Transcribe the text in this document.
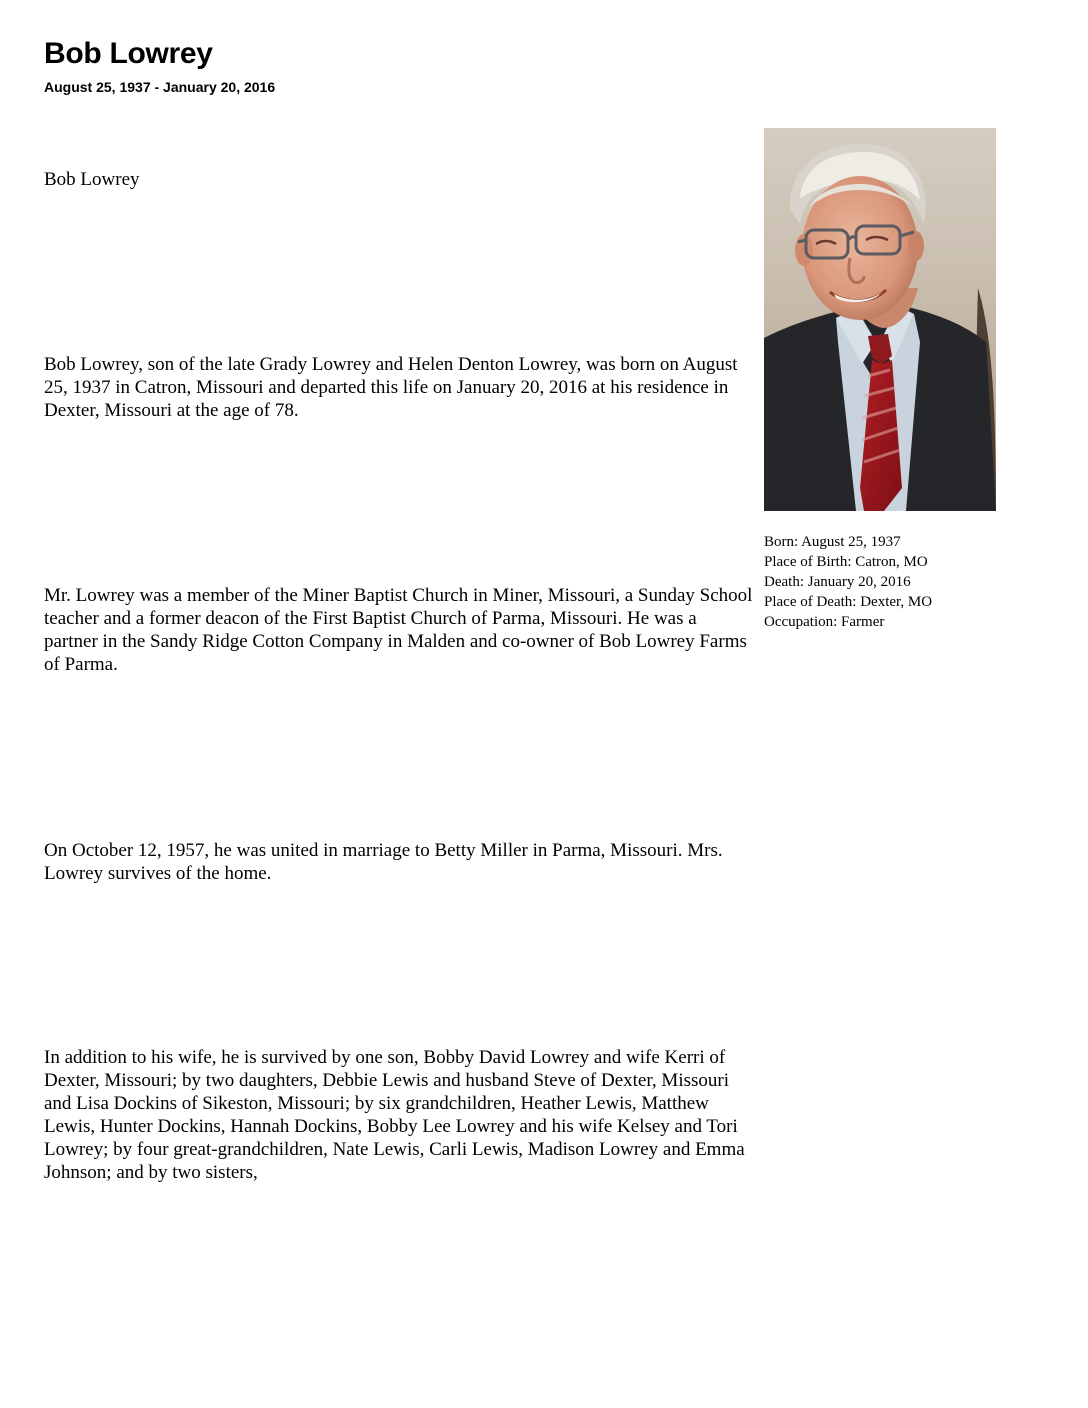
Bob Lowrey

August 25, 1937 - January 20, 2016

Bob Lowrey

Bob Lowrey, son of the late Grady Lowrey and Helen Denton Lowrey, was born on August 25, 1937 in Catron, Missouri and departed this life on January 20, 2016 at his residence in Dexter, Missouri at the age of 78.

Mr. Lowrey was a member of the Miner Baptist Church in Miner, Missouri, a Sunday School teacher and a former deacon of the First Baptist Church of Parma, Missouri. He was a partner in the Sandy Ridge Cotton Company in Malden and co-owner of Bob Lowrey Farms of Parma.

On October 12, 1957, he was united in marriage to Betty Miller in Parma, Missouri. Mrs. Lowrey survives of the home.

In addition to his wife, he is survived by one son, Bobby David Lowrey and wife Kerri of Dexter, Missouri; by two daughters, Debbie Lewis and husband Steve of Dexter, Missouri and Lisa Dockins of Sikeston, Missouri; by six grandchildren, Heather Lewis, Matthew Lewis, Hunter Dockins, Hannah Dockins, Bobby Lee Lowrey and his wife Kelsey and Tori Lowrey; by four great-grandchildren, Nate Lewis, Carli Lewis, Madison Lowrey and Emma Johnson; and by two sisters,

Born: August 25, 1937
Place of Birth: Catron, MO
Death: January 20, 2016
Place of Death: Dexter, MO
Occupation: Farmer
